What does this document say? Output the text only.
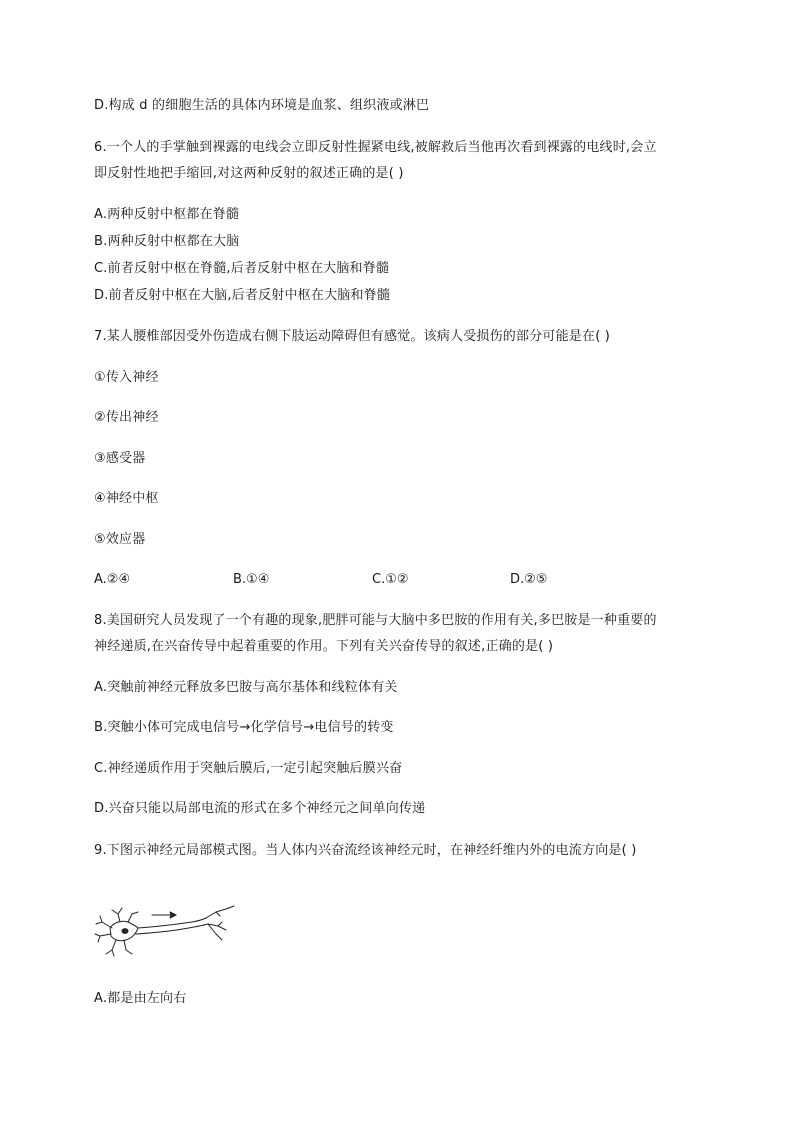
D.构成 d 的细胞生活的具体内环境是血浆、组织液或淋巴
6.一个人的手掌触到裸露的电线会立即反射性握紧电线,被解救后当他再次看到裸露的电线时,会立
即反射性地把手缩回,对这两种反射的叙述正确的是( )
A.两种反射中枢都在脊髓
B.两种反射中枢都在大脑
C.前者反射中枢在脊髓,后者反射中枢在大脑和脊髓
D.前者反射中枢在大脑,后者反射中枢在大脑和脊髓
7.某人腰椎部因受外伤造成右侧下肢运动障碍但有感觉。该病人受损伤的部分可能是在( )
①传入神经
②传出神经
③感受器
④神经中枢
⑤效应器
A.②④	B.①④	C.①②	D.②⑤
8.美国研究人员发现了一个有趣的现象,肥胖可能与大脑中多巴胺的作用有关,多巴胺是一种重要的
神经递质,在兴奋传导中起着重要的作用。下列有关兴奋传导的叙述,正确的是( )
A.突触前神经元释放多巴胺与高尔基体和线粒体有关
B.突触小体可完成电信号→化学信号→电信号的转变
C.神经递质作用于突触后膜后,一定引起突触后膜兴奋
D.兴奋只能以局部电流的形式在多个神经元之间单向传递
9.下图示神经元局部模式图。当人体内兴奋流经该神经元时，在神经纤维内外的电流方向是( )
A.都是由左向右
